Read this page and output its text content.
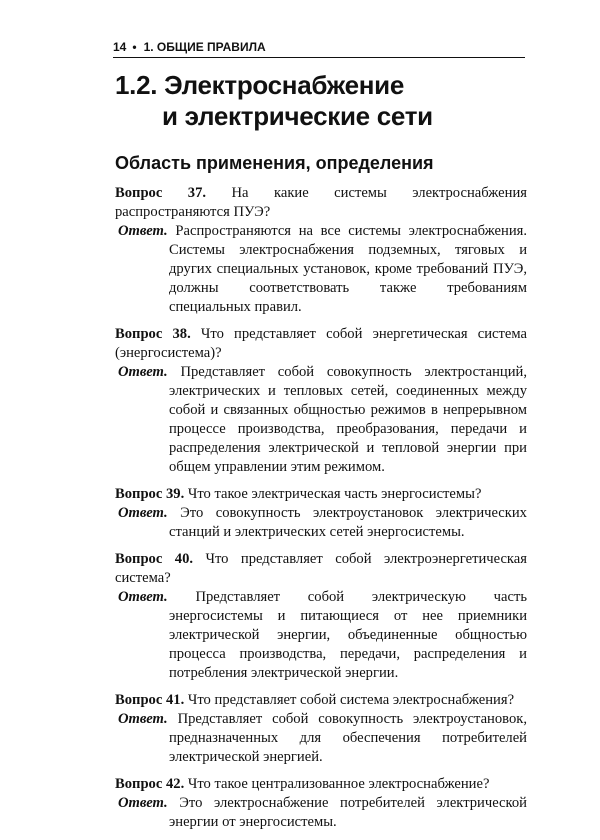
14 • 1. ОБЩИЕ ПРАВИЛА
1.2. Электроснабжение
и электрические сети
Область применения, определения

Вопрос 37. На какие системы электроснабжения распространяются ПУЭ?

Ответ. Распространяются на все системы электроснабжения. Системы электроснабжения подземных, тяговых и других специальных установок, кроме требований ПУЭ, должны соответствовать также требованиям специальных правил.

Вопрос 38. Что представляет собой энергетическая система (энергосистема)?

Ответ. Представляет собой совокупность электростанций, электрических и тепловых сетей, соединенных между собой и связанных общностью режимов в непрерывном процессе производства, преобразования, передачи и распределения электрической и тепловой энергии при общем управлении этим режимом.

Вопрос 39. Что такое электрическая часть энергосистемы?

Ответ. Это совокупность электроустановок электрических станций и электрических сетей энергосистемы.

Вопрос 40. Что представляет собой электроэнергетическая система?

Ответ. Представляет собой электрическую часть энергосистемы и питающиеся от нее приемники электрической энергии, объединенные общностью процесса производства, передачи, распределения и потребления электрической энергии.

Вопрос 41. Что представляет собой система электроснабжения?

Ответ. Представляет собой совокупность электроустановок, предназначенных для обеспечения потребителей электрической энергией.

Вопрос 42. Что такое централизованное электроснабжение?

Ответ. Это электроснабжение потребителей электрической энергии от энергосистемы.
